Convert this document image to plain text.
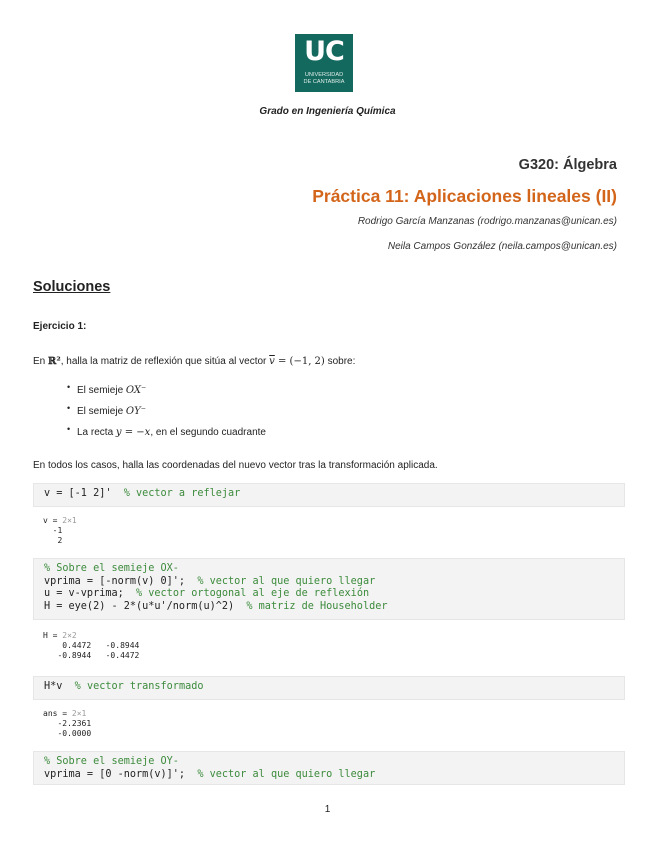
UC
UNIVERSIDAD
DE CANTABRIA
Grado en Ingeniería Química
G320: Álgebra
Práctica 11: Aplicaciones lineales (II)
Rodrigo García Manzanas (rodrigo.manzanas@unican.es)
Neila Campos González (neila.campos@unican.es)
Soluciones
Ejercicio 1:
En ℝ², halla la matriz de reflexión que sitúa al vector $\overline{v} = (-1$, 2) sobre:
• El semieje OX⁻
• El semieje OY⁻
• La recta y = −x, en el segundo cuadrante
En todos los casos, halla las coordenadas del nuevo vector tras la transformación aplicada.
v = [-1 2]'  % vector a reflejar
v = 2×1
-1
2
% Sobre el semieje OX-
vprima = [-norm(v) 0]';  % vector al que quiero llegar
u = v-vprima;  % vector ortogonal al eje de reflexión
H = eye(2) - 2*(u*u'/norm(u)^2)  % matriz de Householder
H = 2×2
0.4472   -0.8944
-0.8944   -0.4472
H*v  % vector transformado
ans = 2×1
-2.2361
-0.0000
% Sobre el semieje OY-
vprima = [0 -norm(v)]';  % vector al que quiero llegar
1
